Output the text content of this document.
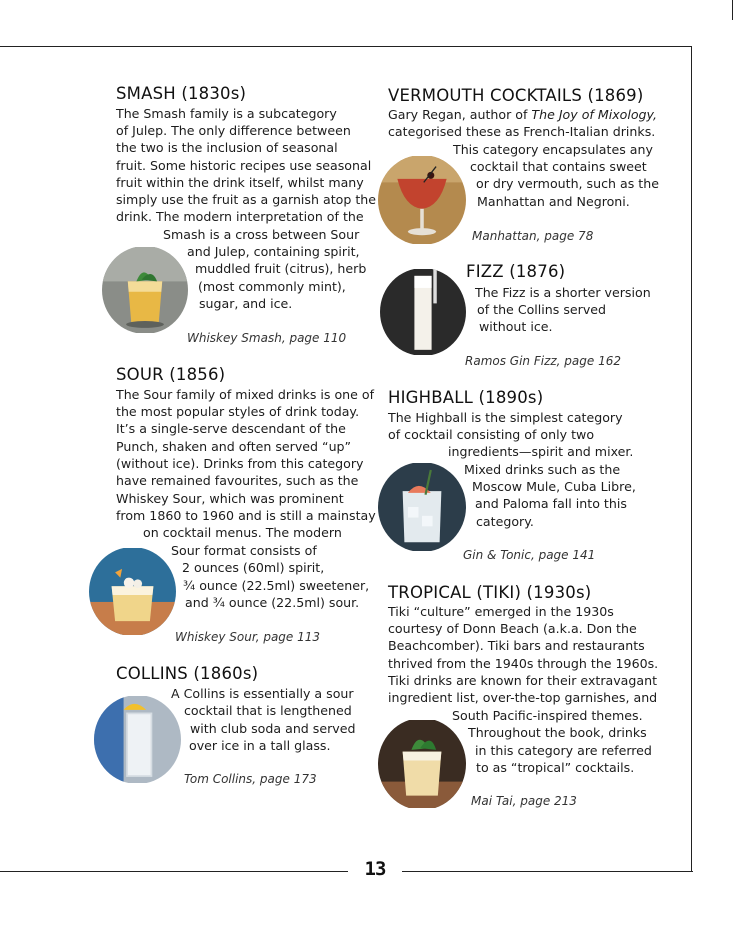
13
SMASH (1830s)
The Smash family is a subcategory
of Julep. The only difference between
the two is the inclusion of seasonal
fruit. Some historic recipes use seasonal
fruit within the drink itself, whilst many
simply use the fruit as a garnish atop the
drink. The modern interpretation of the
Smash is a cross between Sour
and Julep, containing spirit,
muddled fruit (citrus), herb
(most commonly mint),
sugar, and ice.
Whiskey Smash, page 110
SOUR (1856)
The Sour family of mixed drinks is one of
the most popular styles of drink today.
It’s a single-serve descendant of the
Punch, shaken and often served “up”
(without ice). Drinks from this category
have remained favourites, such as the
Whiskey Sour, which was prominent
from 1860 to 1960 and is still a mainstay
on cocktail menus. The modern
Sour format consists of
2 ounces (60ml) spirit,
¾ ounce (22.5ml) sweetener,
and ¾ ounce (22.5ml) sour.
Whiskey Sour, page 113
COLLINS (1860s)
A Collins is essentially a sour
cocktail that is lengthened
with club soda and served
over ice in a tall glass.
Tom Collins, page 173
VERMOUTH COCKTAILS (1869)
Gary Regan, author of The Joy of Mixology,
categorised these as French-Italian drinks.
This category encapsulates any
cocktail that contains sweet
or dry vermouth, such as the
Manhattan and Negroni.
Manhattan, page 78
FIZZ (1876)
The Fizz is a shorter version
of the Collins served
without ice.
Ramos Gin Fizz, page 162
HIGHBALL (1890s)
The Highball is the simplest category
of cocktail consisting of only two
ingredients—spirit and mixer.
Mixed drinks such as the
Moscow Mule, Cuba Libre,
and Paloma fall into this
category.
Gin & Tonic, page 141
TROPICAL (TIKI) (1930s)
Tiki “culture” emerged in the 1930s
courtesy of Donn Beach (a.k.a. Don the
Beachcomber). Tiki bars and restaurants
thrived from the 1940s through the 1960s.
Tiki drinks are known for their extravagant
ingredient list, over-the-top garnishes, and
South Pacific-inspired themes.
Throughout the book, drinks
in this category are referred
to as “tropical” cocktails.
Mai Tai, page 213
